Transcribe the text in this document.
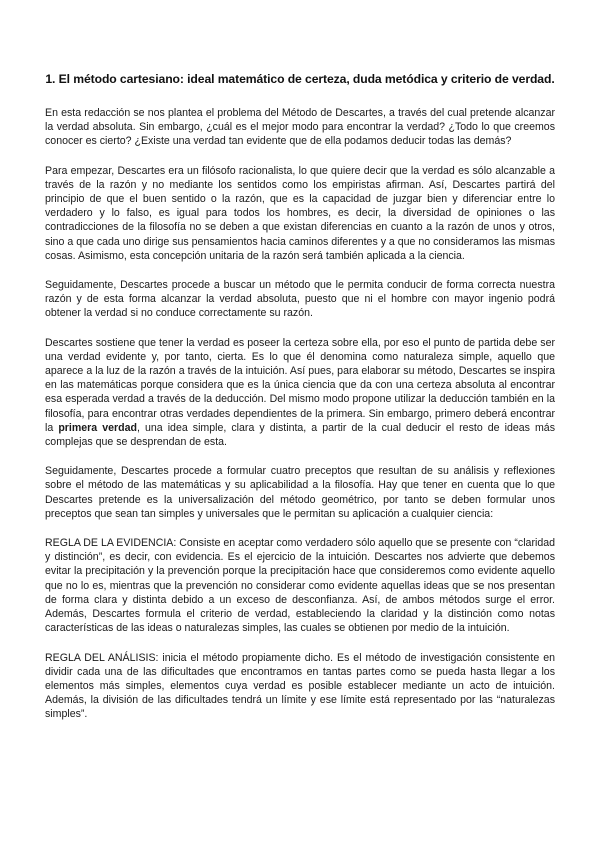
1. El método cartesiano: ideal matemático de certeza, duda metódica y criterio de verdad.

En esta redacción se nos plantea el problema del Método de Descartes, a través del cual pretende alcanzar la verdad absoluta. Sin embargo, ¿cuál es el mejor modo para encontrar la verdad? ¿Todo lo que creemos conocer es cierto? ¿Existe una verdad tan evidente que de ella podamos deducir todas las demás?

Para empezar, Descartes era un filósofo racionalista, lo que quiere decir que la verdad es sólo alcanzable a través de la razón y no mediante los sentidos como los empiristas afirman. Así, Descartes partirá del principio de que el buen sentido o la razón, que es la capacidad de juzgar bien y diferenciar entre lo verdadero y lo falso, es igual para todos los hombres, es decir, la diversidad de opiniones o las contradicciones de la filosofía no se deben a que existan diferencias en cuanto a la razón de unos y otros, sino a que cada uno dirige sus pensamientos hacia caminos diferentes y a que no consideramos las mismas cosas. Asimismo, esta concepción unitaria de la razón será también aplicada a la ciencia.

Seguidamente, Descartes procede a buscar un método que le permita conducir de forma correcta nuestra razón y de esta forma alcanzar la verdad absoluta, puesto que ni el hombre con mayor ingenio podrá obtener la verdad si no conduce correctamente su razón.

Descartes sostiene que tener la verdad es poseer la certeza sobre ella, por eso el punto de partida debe ser una verdad evidente y, por tanto, cierta. Es lo que él denomina como naturaleza simple, aquello que aparece a la luz de la razón a través de la intuición. Así pues, para elaborar su método, Descartes se inspira en las matemáticas porque considera que es la única ciencia que da con una certeza absoluta al encontrar esa esperada verdad a través de la deducción. Del mismo modo propone utilizar la deducción también en la filosofía, para encontrar otras verdades dependientes de la primera. Sin embargo, primero deberá encontrar la primera verdad, una idea simple, clara y distinta, a partir de la cual deducir el resto de ideas más complejas que se desprendan de esta.

Seguidamente, Descartes procede a formular cuatro preceptos que resultan de su análisis y reflexiones sobre el método de las matemáticas y su aplicabilidad a la filosofía. Hay que tener en cuenta que lo que Descartes pretende es la universalización del método geométrico, por tanto se deben formular unos preceptos que sean tan simples y universales que le permitan su aplicación a cualquier ciencia:

REGLA DE LA EVIDENCIA: Consiste en aceptar como verdadero sólo aquello que se presente con “claridad y distinción”, es decir, con evidencia. Es el ejercicio de la intuición. Descartes nos advierte que debemos evitar la precipitación y la prevención porque la precipitación hace que consideremos como evidente aquello que no lo es, mientras que la prevención no considerar como evidente aquellas ideas que se nos presentan de forma clara y distinta debido a un exceso de desconfianza. Así, de ambos métodos surge el error. Además, Descartes formula el criterio de verdad, estableciendo la claridad y la distinción como notas características de las ideas o naturalezas simples, las cuales se obtienen por medio de la intuición.

REGLA DEL ANÁLISIS: inicia el método propiamente dicho. Es el método de investigación consistente en dividir cada una de las dificultades que encontramos en tantas partes como se pueda hasta llegar a los elementos más simples, elementos cuya verdad es posible establecer mediante un acto de intuición. Además, la división de las dificultades tendrá un límite y ese límite está representado por las “naturalezas simples”.
